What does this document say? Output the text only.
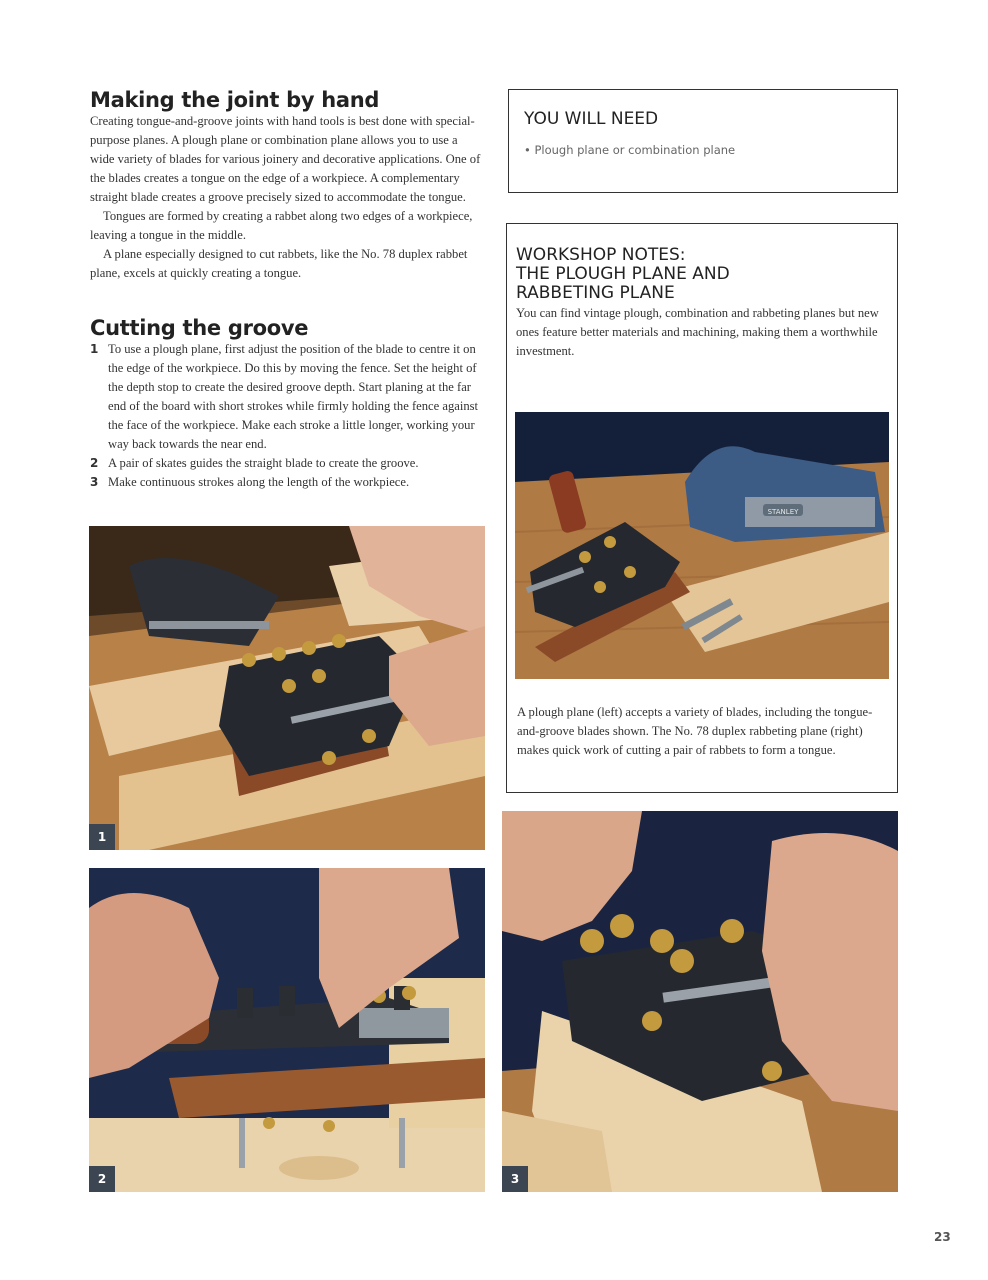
Making the joint by hand

Creating tongue-and-groove joints with hand tools is best done with special-purpose planes. A plough plane or combination plane allows you to use a wide variety of blades for various joinery and decorative applications. One of the blades creates a tongue on the edge of a workpiece. A complementary straight blade creates a groove precisely sized to accommodate the tongue.

Tongues are formed by creating a rabbet along two edges of a workpiece, leaving a tongue in the middle.

A plane especially designed to cut rabbets, like the No. 78 duplex rabbet plane, excels at quickly creating a tongue.

Cutting the groove
1 To use a plough plane, first adjust the position of the blade to centre it on the edge of the workpiece. Do this by moving the fence. Set the height of the depth stop to create the desired groove depth. Start planing at the far end of the board with short strokes while firmly holding the fence against the face of the workpiece. Make each stroke a little longer, working your way back towards the near end.
2 A pair of skates guides the straight blade to create the groove.
3 Make continuous strokes along the length of the workpiece.
YOU WILL NEED
• Plough plane or combination plane
WORKSHOP NOTES:
THE PLOUGH PLANE AND
RABBETING PLANE

You can find vintage plough, combination and rabbeting planes but new ones feature better materials and machining, making them a worthwhile investment.

STANLEY

A plough plane (left) accepts a variety of blades, including the tongue-and-groove blades shown. The No. 78 duplex rabbeting plane (right) makes quick work of cutting a pair of rabbets to form a tongue.

1
2	3
23
